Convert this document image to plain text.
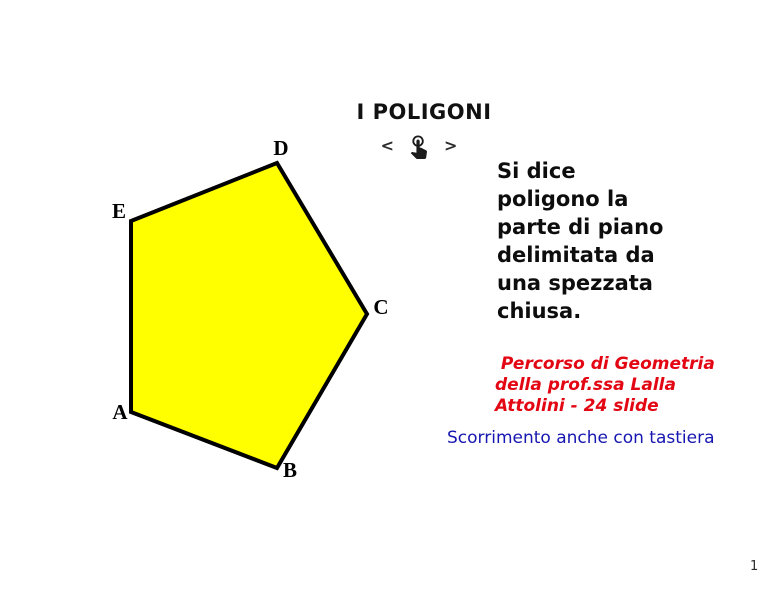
I POLIGONI
<	>
A
B
C
D
E
Si dice
poligono la
parte di piano
delimitata da
una spezzata
chiusa.
Percorso di Geometria
della prof.ssa Lalla
Attolini - 24 slide
Scorrimento anche con tastiera
1
